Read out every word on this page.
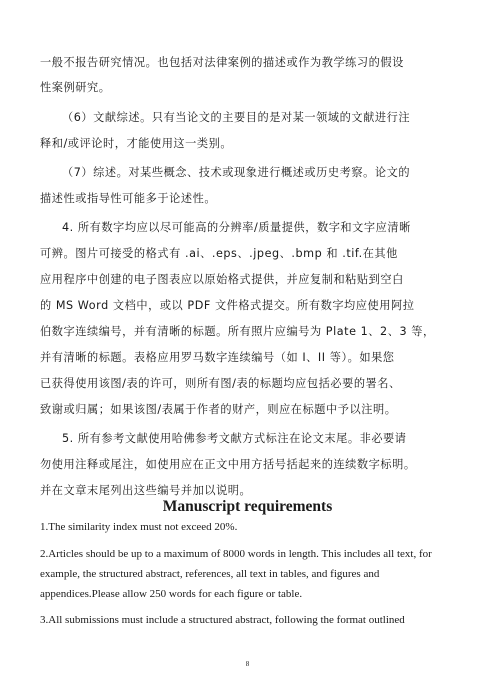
一般不报告研究情况。也包括对法律案例的描述或作为教学练习的假设
性案例研究。
（6）文献综述。只有当论文的主要目的是对某一领域的文献进行注
释和/或评论时，才能使用这一类别。
（7）综述。对某些概念、技术或现象进行概述或历史考察。论文的
描述性或指导性可能多于论述性。
4. 所有数字均应以尽可能高的分辨率/质量提供，数字和文字应清晰
可辨。图片可接受的格式有 .ai、.eps、.jpeg、.bmp 和 .tif.在其他
应用程序中创建的电子图表应以原始格式提供，并应复制和粘贴到空白
的 MS Word 文档中，或以 PDF 文件格式提交。所有数字均应使用阿拉
伯数字连续编号，并有清晰的标题。所有照片应编号为 Plate 1、2、3 等，
并有清晰的标题。表格应用罗马数字连续编号（如 I、II 等）。如果您
已获得使用该图/表的许可，则所有图/表的标题均应包括必要的署名、
致谢或归属；如果该图/表属于作者的财产，则应在标题中予以注明。
5. 所有参考文献使用哈佛参考文献方式标注在论文末尾。非必要请
勿使用注释或尾注，如使用应在正文中用方括号括起来的连续数字标明。
并在文章末尾列出这些编号并加以说明。
Manuscript requirements
1.The similarity index must not exceed 20%.
2.Articles should be up to a maximum of 8000 words in length. This includes all text, for
example, the structured abstract, references, all text in tables, and figures and
appendices.Please allow 250 words for each figure or table.
3.All submissions must include a structured abstract, following the format outlined
8
